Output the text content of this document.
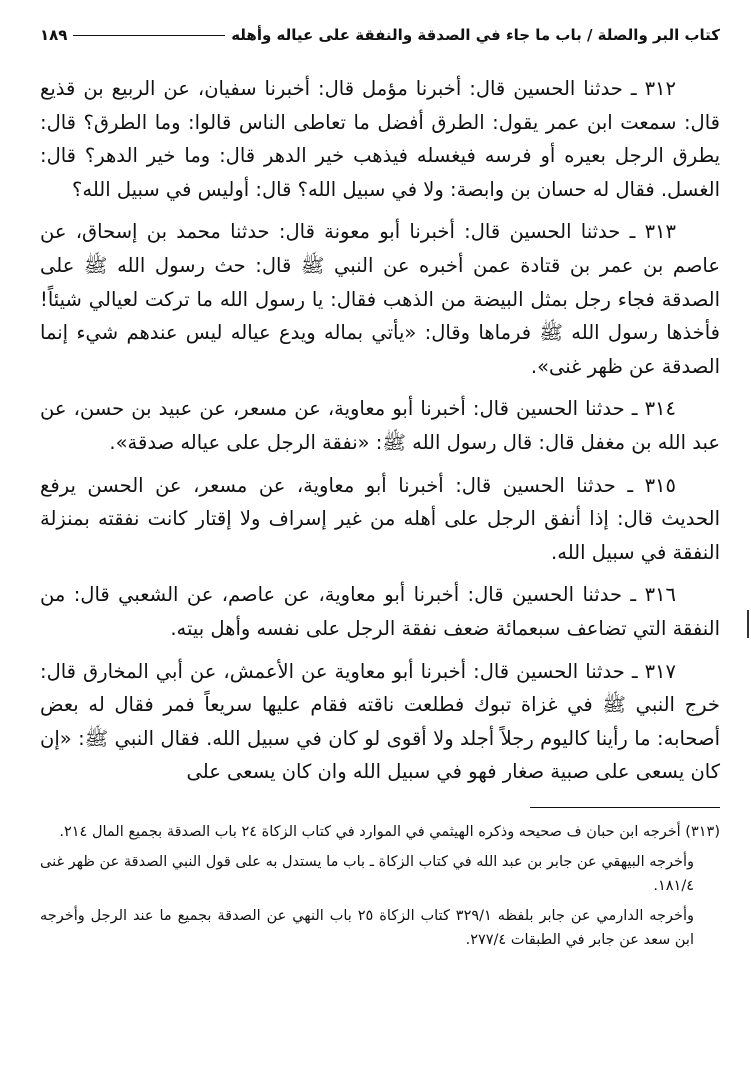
كتاب البر والصلة / باب ما جاء في الصدقة والنفقة على عياله وأهله
١٨٩

٣١٢ ـ حدثنا الحسين قال: أخبرنا مؤمل قال: أخبرنا سفيان، عن الربيع بن قذيع قال: سمعت ابن عمر يقول: الطرق أفضل ما تعاطى الناس قالوا: وما الطرق؟ قال: يطرق الرجل بعيره أو فرسه فيغسله فيذهب خير الدهر قال: وما خير الدهر؟ قال: الغسل. فقال له حسان بن وابصة: ولا في سبيل الله؟ قال: أوليس في سبيل الله؟

٣١٣ ـ حدثنا الحسين قال: أخبرنا أبو معونة قال: حدثنا محمد بن إسحاق، عن عاصم بن عمر بن قتادة عمن أخبره عن النبي ﷺ قال: حث رسول الله ﷺ على الصدقة فجاء رجل بمثل البيضة من الذهب فقال: يا رسول الله ما تركت لعيالي شيئاً! فأخذها رسول الله ﷺ فرماها وقال: «يأتي بماله ويدع عياله ليس عندهم شيء إنما الصدقة عن ظهر غنى».

٣١٤ ـ حدثنا الحسين قال: أخبرنا أبو معاوية، عن مسعر، عن عبيد بن حسن، عن عبد الله بن مغفل قال: قال رسول الله ﷺ: «نفقة الرجل على عياله صدقة».

٣١٥ ـ حدثنا الحسين قال: أخبرنا أبو معاوية، عن مسعر، عن الحسن يرفع الحديث قال: إذا أنفق الرجل على أهله من غير إسراف ولا إقتار كانت نفقته بمنزلة النفقة في سبيل الله.

٣١٦ ـ حدثنا الحسين قال: أخبرنا أبو معاوية، عن عاصم، عن الشعبي قال: من النفقة التي تضاعف سبعمائة ضعف نفقة الرجل على نفسه وأهل بيته.

٣١٧ ـ حدثنا الحسين قال: أخبرنا أبو معاوية عن الأعمش، عن أبي المخارق قال: خرج النبي ﷺ في غزاة تبوك فطلعت ناقته فقام عليها سريعاً فمر فقال له بعض أصحابه: ما رأينا كاليوم رجلاً أجلد ولا أقوى لو كان في سبيل الله. فقال النبي ﷺ: «إن كان يسعى على صبية صغار فهو في سبيل الله وان كان يسعى على

(٣١٣) أخرجه ابن حبان ف صحيحه وذكره الهيثمي في الموارد في كتاب الزكاة ٢٤ باب الصدقة بجميع المال ٢١٤.

وأخرجه البيهقي عن جابر بن عبد الله في كتاب الزكاة ـ باب ما يستدل به على قول النبي الصدقة عن ظهر غنى ١٨١/٤.

وأخرجه الدارمي عن جابر بلفظه ٣٢٩/١ كتاب الزكاة ٢٥ باب النهي عن الصدقة بجميع ما عند الرجل وأخرجه ابن سعد عن جابر في الطبقات ٢٧٧/٤.
